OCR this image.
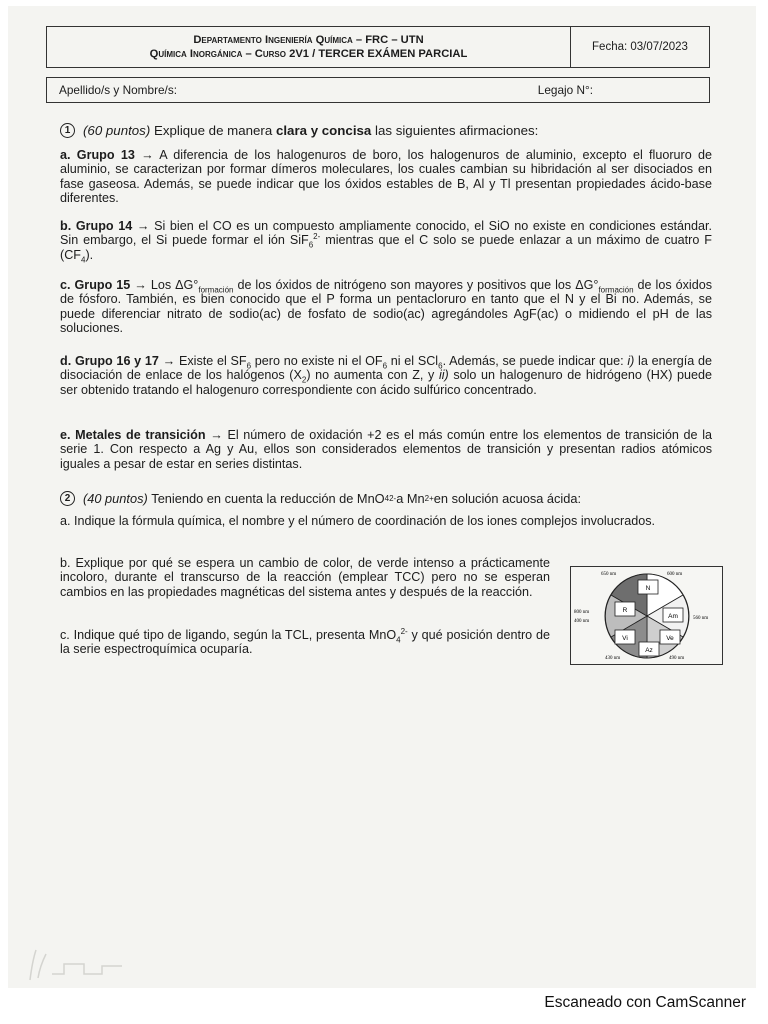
Departamento Ingeniería Química – FRC – UTN
Química Inorgánica – Curso 2V1 / TERCER EXÁMEN PARCIAL
Fecha: 03/07/2023
Apellido/s y Nombre/s:	Legajo N°:
1 (60 puntos)
Explique de manera
clara y concisa
las siguientes afirmaciones:

a. Grupo 13 → A diferencia de los halogenuros de boro, los halogenuros de aluminio, excepto el fluoruro de aluminio, se caracterizan por formar dímeros moleculares, los cuales cambian su hibridación al ser disociados en fase gaseosa. Además, se puede indicar que los óxidos estables de B, Al y Tl presentan propiedades ácido-base diferentes.

b. Grupo 14 → Si bien el CO es un compuesto ampliamente conocido, el SiO no existe en condiciones estándar. Sin embargo, el Si puede formar el ión SiF$_6^{2-}$ mientras que el C solo se puede enlazar a un máximo de cuatro F $(CF_4)$.

c. Grupo 15 → Los $\Delta G^\circ_{formación}$ de los óxidos de nitrógeno son mayores y positivos que los $\Delta G^\circ_{formación}$ de los óxidos de fósforo. También, es bien conocido que el P forma un pentacloruro en tanto que el N y el Bi no. Además, se puede diferenciar nitrato de sodio(ac) de fosfato de sodio(ac) agregándoles AgF(ac) o midiendo el pH de las soluciones.

d. Grupo 16 y 17 → Existe el $SF_6$ pero no existe ni el $OF_6$ ni el SCl$_6$. Además, se puede indicar que: i) la energía de disociación de enlace de los halógenos $(X_2)$ no aumenta con Z, y ii) solo un halogenuro de hidrógeno (HX) puede ser obtenido tratando el halogenuro correspondiente con ácido sulfúrico concentrado.

e. Metales de transición → El número de oxidación +2 es el más común entre los elementos de transición de la serie 1. Con respecto a Ag y Au, ellos son considerados elementos de transición y presentan radios atómicos iguales a pesar de estar en series distintas.

2 (40 puntos)
Teniendo en cuenta la reducción de MnO 4 2- a Mn 2+ en solución acuosa ácida:

a. Indique la fórmula química, el nombre y el número de coordinación de los iones complejos involucrados.

b. Explique por qué se espera un cambio de color, de verde intenso a prácticamente incoloro, durante el transcurso de la reacción (emplear TCC) pero no se esperan cambios en las propiedades magnéticas del sistema antes y después de la reacción.

c. Indique qué tipo de ligando, según la TCL, presenta MnO$_4^{2-}$ y qué posición dentro de la serie espectroquímica ocuparía.

N
Am
Ve
Az
Vi
R
650 nm	600 nm
560 nm
490 nm
430 nm
400 nm
800 nm
Escaneado con CamScanner
